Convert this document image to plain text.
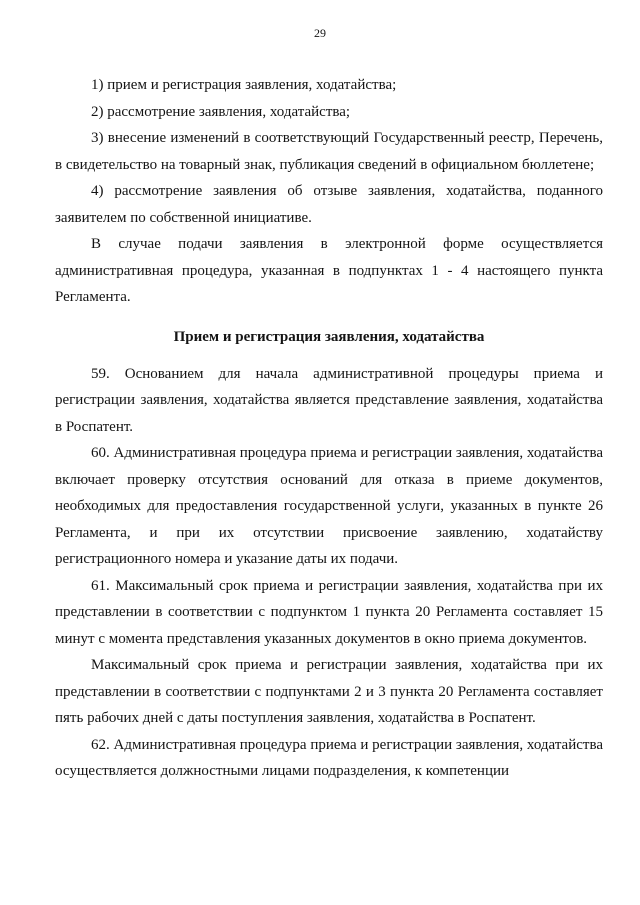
29

1) прием и регистрация заявления, ходатайства;

2) рассмотрение заявления, ходатайства;

3) внесение изменений в соответствующий Государственный реестр, Перечень, в свидетельство на товарный знак, публикация сведений в официальном бюллетене;

4) рассмотрение заявления об отзыве заявления, ходатайства, поданного заявителем по собственной инициативе.

В случае подачи заявления в электронной форме осуществляется административная процедура, указанная в подпунктах 1 - 4 настоящего пункта Регламента.

Прием и регистрация заявления, ходатайства

59. Основанием для начала административной процедуры приема и регистрации заявления, ходатайства является представление заявления, ходатайства в Роспатент.

60. Административная процедура приема и регистрации заявления, ходатайства включает проверку отсутствия оснований для отказа в приеме документов, необходимых для предоставления государственной услуги, указанных в пункте 26 Регламента, и при их отсутствии присвоение заявлению, ходатайству регистрационного номера и указание даты их подачи.

61. Максимальный срок приема и регистрации заявления, ходатайства при их представлении в соответствии с подпунктом 1 пункта 20 Регламента составляет 15 минут с момента представления указанных документов в окно приема документов.

Максимальный срок приема и регистрации заявления, ходатайства при их представлении в соответствии с подпунктами 2 и 3 пункта 20 Регламента составляет пять рабочих дней с даты поступления заявления, ходатайства в Роспатент.

62. Административная процедура приема и регистрации заявления, ходатайства осуществляется должностными лицами подразделения, к компетенции
